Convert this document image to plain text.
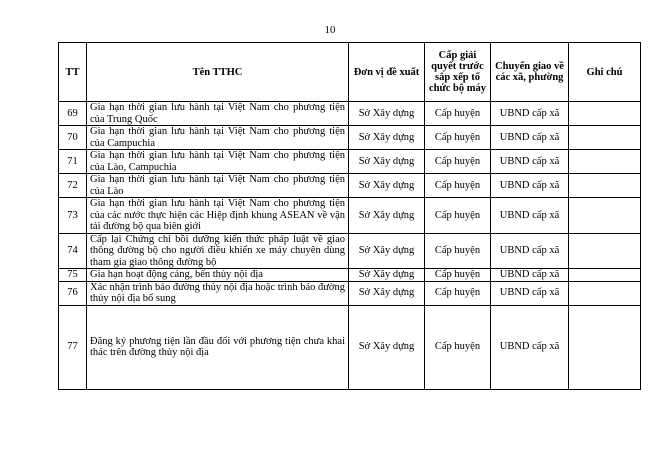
10
TT	Tên TTHC	Đơn vị đề xuất	Cấp giải quyết trước sắp xếp tổ chức bộ máy	Chuyển giao về các xã, phường	Ghi chú
69	Gia hạn thời gian lưu hành tại Việt Nam cho phương tiện của Trung Quốc	Sở Xây dựng	Cấp huyện	UBND cấp xã	
70	Gia hạn thời gian lưu hành tại Việt Nam cho phương tiện của Campuchia	Sở Xây dựng	Cấp huyện	UBND cấp xã	
71	Gia hạn thời gian lưu hành tại Việt Nam cho phương tiện của Lào, Campuchia	Sở Xây dựng	Cấp huyện	UBND cấp xã	
72	Gia hạn thời gian lưu hành tại Việt Nam cho phương tiện của Lào	Sở Xây dựng	Cấp huyện	UBND cấp xã	
73	Gia hạn thời gian lưu hành tại Việt Nam cho phương tiện của các nước thực hiện các Hiệp định khung ASEAN về vận tải đường bộ qua biên giới	Sở Xây dựng	Cấp huyện	UBND cấp xã	
74	Cấp lại Chứng chỉ bồi dưỡng kiến thức pháp luật về giao thông đường bộ cho người điều khiển xe máy chuyên dùng tham gia giao thông đường bộ	Sở Xây dựng	Cấp huyện	UBND cấp xã	
75	Gia hạn hoạt động cảng, bến thủy nội địa	Sở Xây dựng	Cấp huyện	UBND cấp xã	
76	Xác nhận trình báo đường thủy nội địa hoặc trình báo đường thủy nội địa bổ sung	Sở Xây dựng	Cấp huyện	UBND cấp xã	
77	Đăng ký phương tiện lần đầu đối với phương tiện chưa khai thác trên đường thủy nội địa	Sở Xây dựng	Cấp huyện	UBND cấp xã	
